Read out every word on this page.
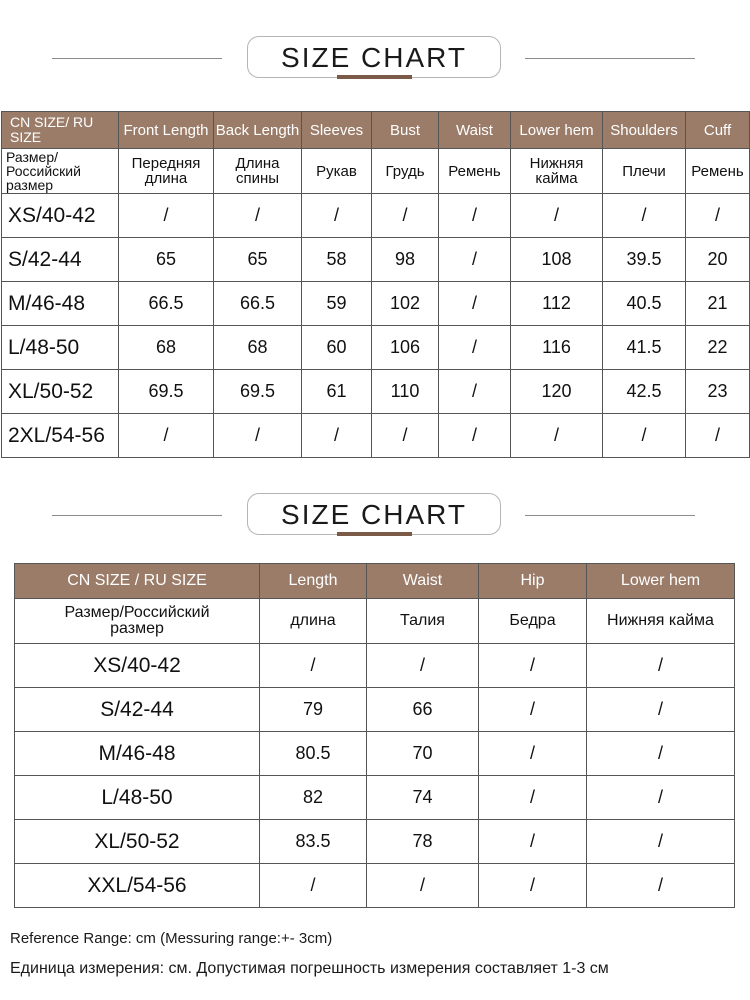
SIZE CHART
CN SIZE/ RU SIZE	Front Length	Back Length	Sleeves	Bust	Waist	Lower hem	Shoulders	Cuff
Размер/ Российский размер	Передняя длина	Длина спины	Рукав	Грудь	Ремень	Нижняя кайма	Плечи	Ремень
XS/40-42	/	/	/	/	/	/	/	/
S/42-44	65	65	58	98	/	108	39.5	20
M/46-48	66.5	66.5	59	102	/	112	40.5	21
L/48-50	68	68	60	106	/	116	41.5	22
XL/50-52	69.5	69.5	61	110	/	120	42.5	23
2XL/54-56	/	/	/	/	/	/	/	/
SIZE CHART
CN SIZE / RU SIZE	Length	Waist	Hip	Lower hem
Размер/Российский размер	длина	Талия	Бедра	Нижняя кайма
XS/40-42	/	/	/	/
S/42-44	79	66	/	/
M/46-48	80.5	70	/	/
L/48-50	82	74	/	/
XL/50-52	83.5	78	/	/
XXL/54-56	/	/	/	/
Reference Range: cm (Messuring range:+- 3cm)
Единица измерения: см. Допустимая погрешность измерения составляет 1-3 см
